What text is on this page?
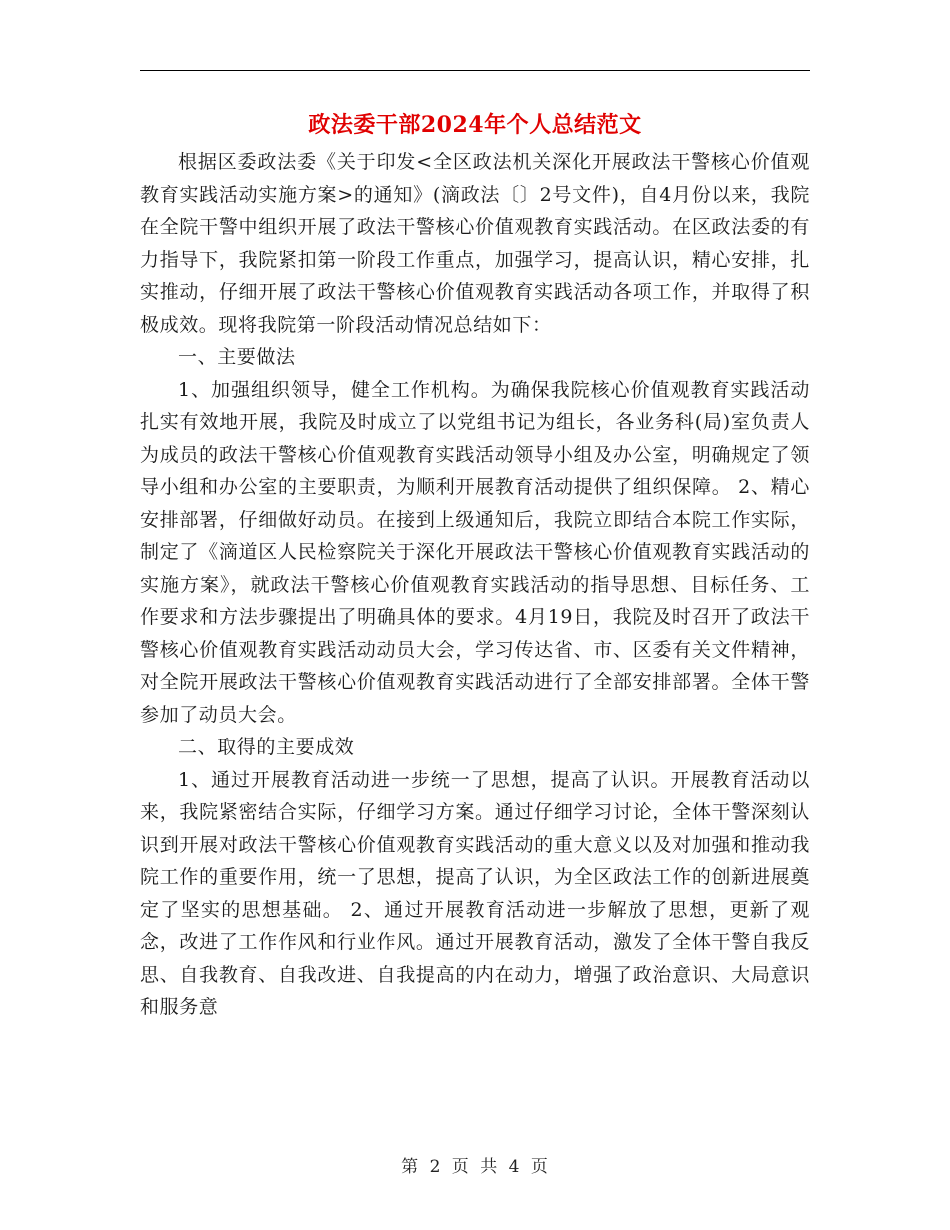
政法委干部2024年个人总结范文

根据区委政法委《关于印发<全区政法机关深化开展政法干警核心价值观教育实践活动实施方案>的通知》(滴政法〔〕2号文件)，自4月份以来，我院在全院干警中组织开展了政法干警核心价值观教育实践活动。在区政法委的有力指导下，我院紧扣第一阶段工作重点，加强学习，提高认识，精心安排，扎实推动，仔细开展了政法干警核心价值观教育实践活动各项工作，并取得了积极成效。现将我院第一阶段活动情况总结如下：

一、主要做法

1、加强组织领导，健全工作机构。为确保我院核心价值观教育实践活动扎实有效地开展，我院及时成立了以党组书记为组长，各业务科(局)室负责人为成员的政法干警核心价值观教育实践活动领导小组及办公室，明确规定了领导小组和办公室的主要职责，为顺利开展教育活动提供了组织保障。 2、精心安排部署，仔细做好动员。在接到上级通知后，我院立即结合本院工作实际，制定了《滴道区人民检察院关于深化开展政法干警核心价值观教育实践活动的实施方案》，就政法干警核心价值观教育实践活动的指导思想、目标任务、工作要求和方法步骤提出了明确具体的要求。4月19日，我院及时召开了政法干警核心价值观教育实践活动动员大会，学习传达省、市、区委有关文件精神，对全院开展政法干警核心价值观教育实践活动进行了全部安排部署。全体干警参加了动员大会。

二、取得的主要成效

1、通过开展教育活动进一步统一了思想，提高了认识。开展教育活动以来，我院紧密结合实际，仔细学习方案。通过仔细学习讨论，全体干警深刻认识到开展对政法干警核心价值观教育实践活动的重大意义以及对加强和推动我院工作的重要作用，统一了思想，提高了认识，为全区政法工作的创新进展奠定了坚实的思想基础。 2、通过开展教育活动进一步解放了思想，更新了观念，改进了工作作风和行业作风。通过开展教育活动，激发了全体干警自我反思、自我教育、自我改进、自我提高的内在动力，增强了政治意识、大局意识和服务意

第 2 页 共 4 页
